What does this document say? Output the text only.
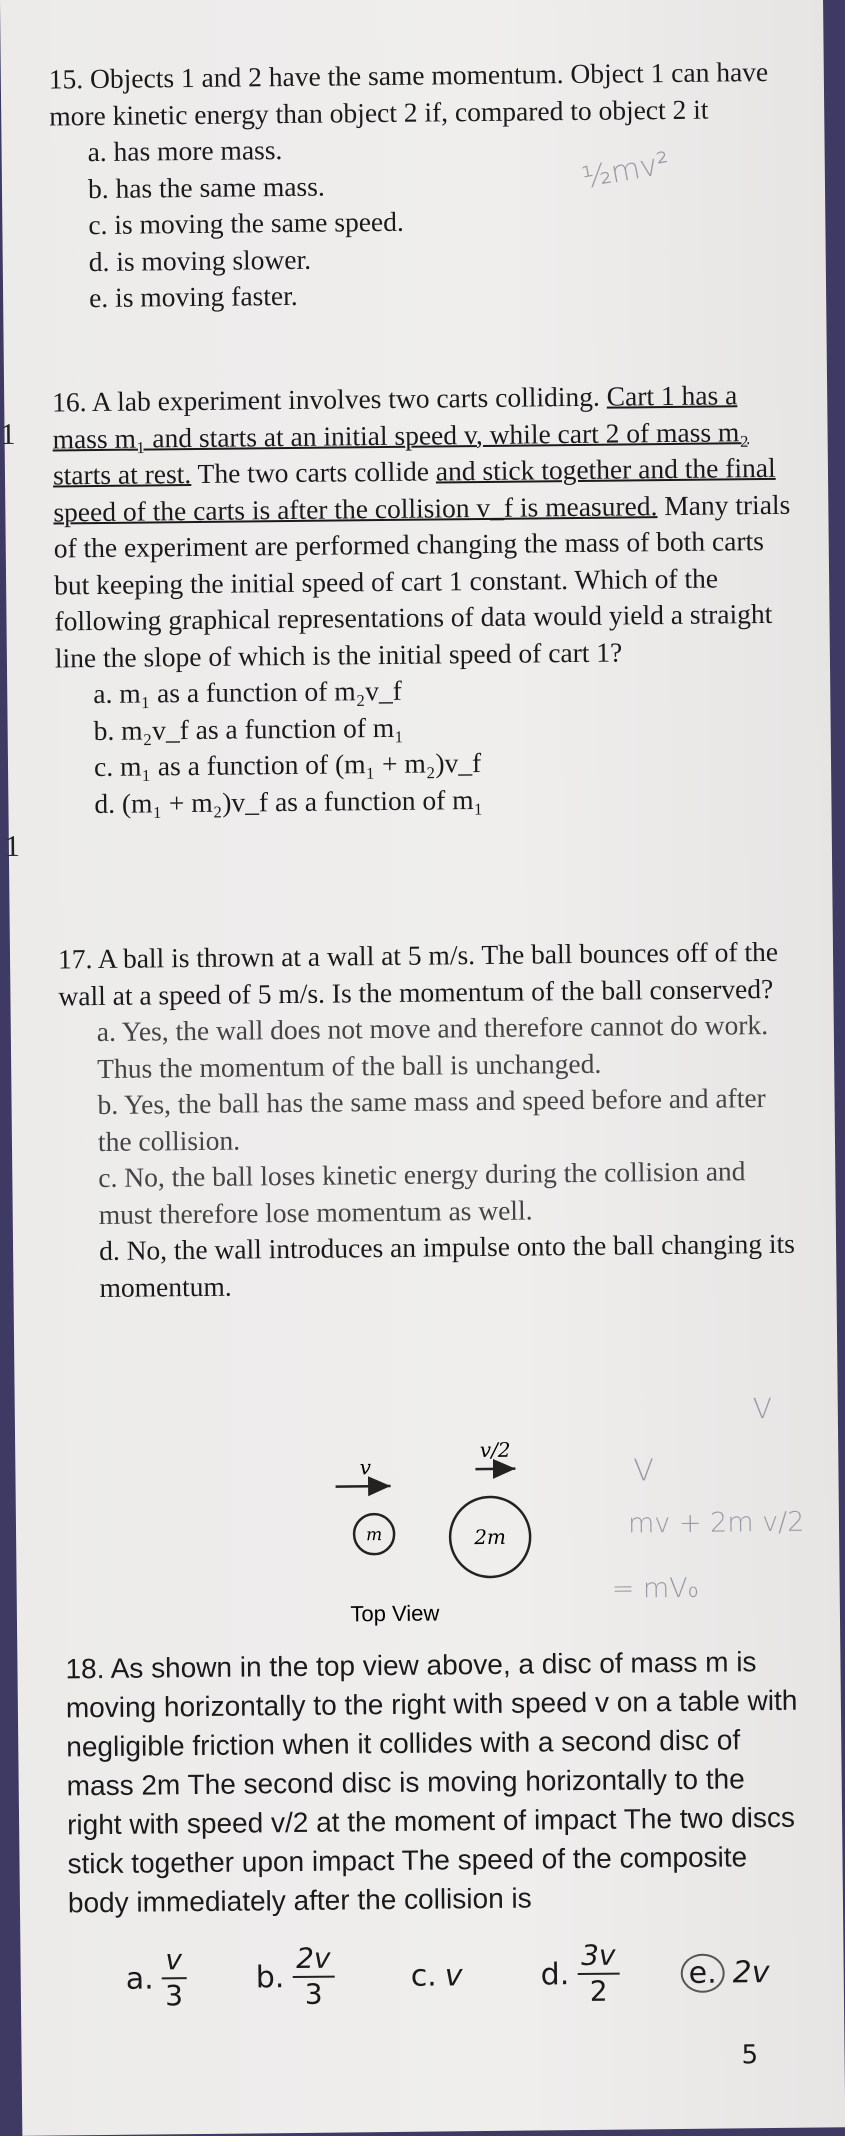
1
1

15. Objects 1 and 2 have the same momentum. Object 1 can have more kinetic energy than object 2 if, compared to object 2 it

a. has more mass.

b. has the same mass.

c. is moving the same speed.

d. is moving slower.

e. is moving faster.

½mv²

16. A lab experiment involves two carts colliding. Cart 1 has a mass m₁ and starts at an initial speed v, while cart 2 of mass m₂ starts at rest. The two carts collide and stick together and the final speed of the carts is after the collision v_f is measured. Many trials of the experiment are performed changing the mass of both carts but keeping the initial speed of cart 1 constant. Which of the following graphical representations of data would yield a straight line the slope of which is the initial speed of cart 1?

a. m₁ as a function of m₂v_f

b. m₂v_f as a function of m₁

c. m₁ as a function of (m₁ + m₂)v_f

d. (m₁ + m₂)v_f as a function of m₁

17. A ball is thrown at a wall at 5 m/s. The ball bounces off of the wall at a speed of 5 m/s. Is the momentum of the ball conserved?

a. Yes, the wall does not move and therefore cannot do work. Thus the momentum of the ball is unchanged.

b. Yes, the ball has the same mass and speed before and after the collision.

c. No, the ball loses kinetic energy during the collision and must therefore lose momentum as well.

d. No, the wall introduces an impulse onto the ball changing its momentum.

v
v/2
m	2m
Top View
V
V
mv + 2m v/2
= mV₀

18. As shown in the top view above, a disc of mass m is moving horizontally to the right with speed v on a table with negligible friction when it collides with a second disc of mass 2m The second disc is moving horizontally to the right with speed v/2 at the moment of impact The two discs stick together upon impact The speed of the composite body immediately after the collision is

a. $\frac{v}{3} b$. $\frac{2v}{3}$	c. v	d. $\frac{3v}{2} e$. 2v
5
